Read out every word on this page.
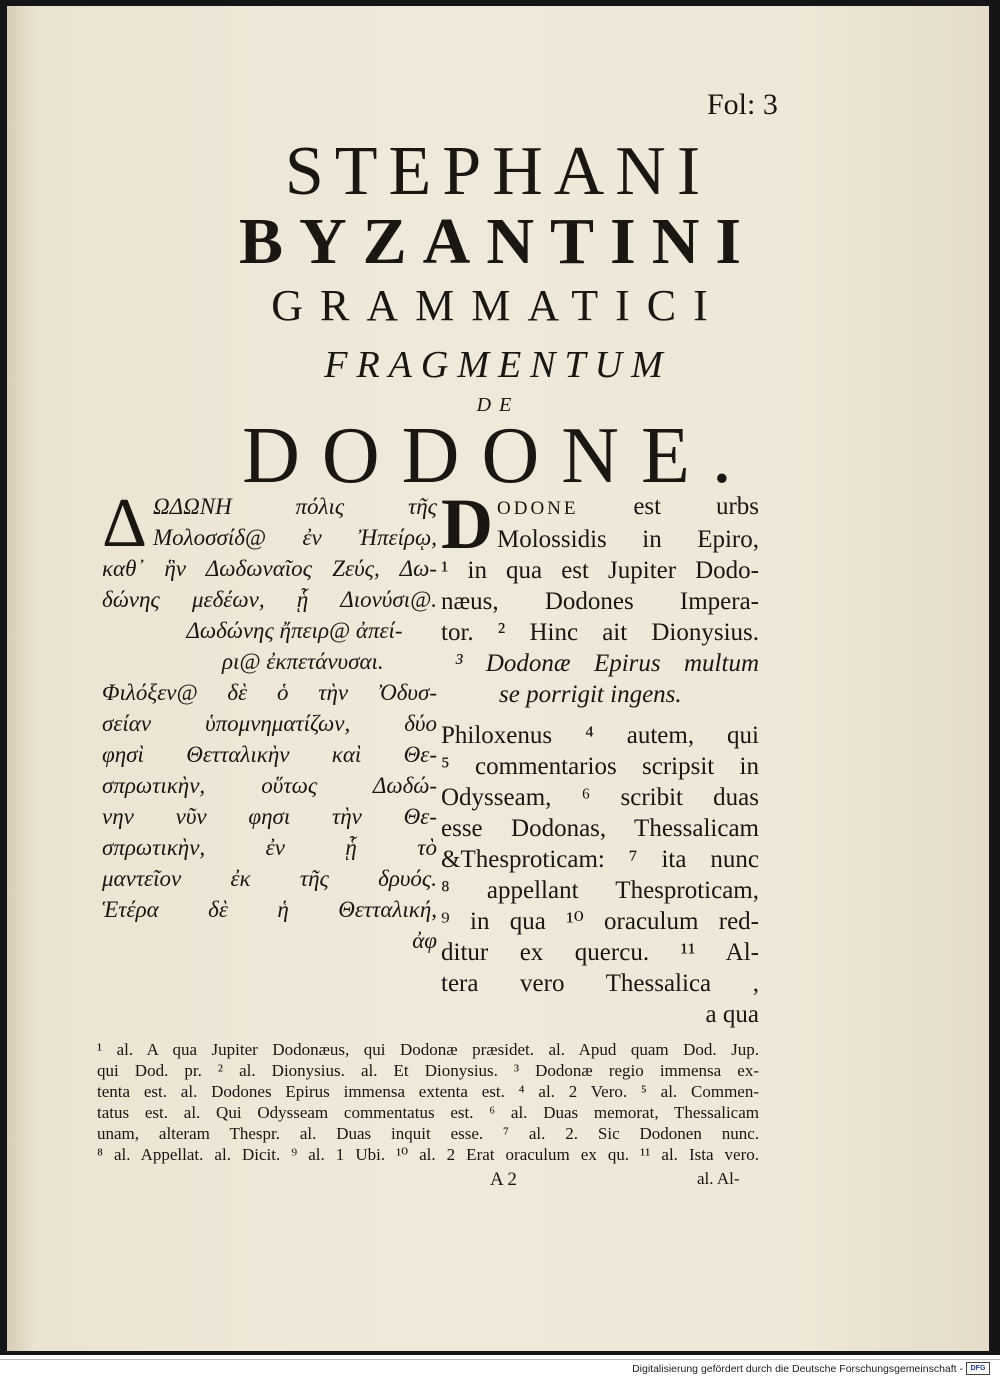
Fol: 3
STEPHANI
BYZANTINI
GRAMMATICI
FRAGMENTUM
DE
DODONE.
Δ ΩΔΩΝΗ πόλις τῆς
Μολοσσίδ@ ἐν Ἠπείρῳ,
καθ᾽ ἣν Δωδωναῖος Ζεύς, Δω-
δώνης μεδέων, ᾗ Διονύσι@.
Δωδώνης ἤπειρ@ ἀπεί-
ρι@ ἐκπετάνυσαι.
Φιλόξεν@ δὲ ὁ τὴν Ὀδυσ-
σείαν ὑπομνηματίζων, δύο
φησὶ Θετταλικὴν καὶ Θε-
σπρωτικὴν, οὕτως Δωδώ-
νην νῦν φησι τὴν Θε-
σπρωτικὴν, ἐν ᾗ τὸ
μαντεῖον ἐκ τῆς δρυός.
Ἑτέρα δὲ ἡ Θετταλική,
ἀφ
D ODONE est urbs
Molossidis in Epiro,
¹ in qua est Jupiter Dodo-
næus, Dodones Impera-
tor. ² Hinc ait Dionysius.
³ Dodonæ Epirus multum
se porrigit ingens.
Philoxenus ⁴ autem, qui
⁵ commentarios scripsit in
Odysseam, ⁶ scribit duas
esse Dodonas, Thessalicam
&Thesproticam: ⁷ ita nunc
⁸ appellant Thesproticam,
⁹ in qua ¹⁰ oraculum red-
ditur ex quercu. ¹¹ Al-
tera vero Thessalica ,
a qua
¹ al. A qua Jupiter Dodonæus, qui Dodonæ præsidet. al. Apud quam Dod. Jup.
qui Dod. pr. ² al. Dionysius. al. Et Dionysius. ³ Dodonæ regio immensa ex-
tenta est. al. Dodones Epirus immensa extenta est. ⁴ al. 2 Vero. ⁵ al. Commen-
tatus est. al. Qui Odysseam commentatus est. ⁶ al. Duas memorat, Thessalicam
unam, alteram Thespr. al. Duas inquit esse. ⁷ al. 2. Sic Dodonen nunc.
⁸ al. Appellat. al. Dicit. ⁹ al. 1 Ubi. ¹⁰ al. 2 Erat oraculum ex qu. ¹¹ al. Ista vero.
A 2	al. Al-
Digitalisierung gefördert durch die Deutsche Forschungsgemeinschaft -	DFG
